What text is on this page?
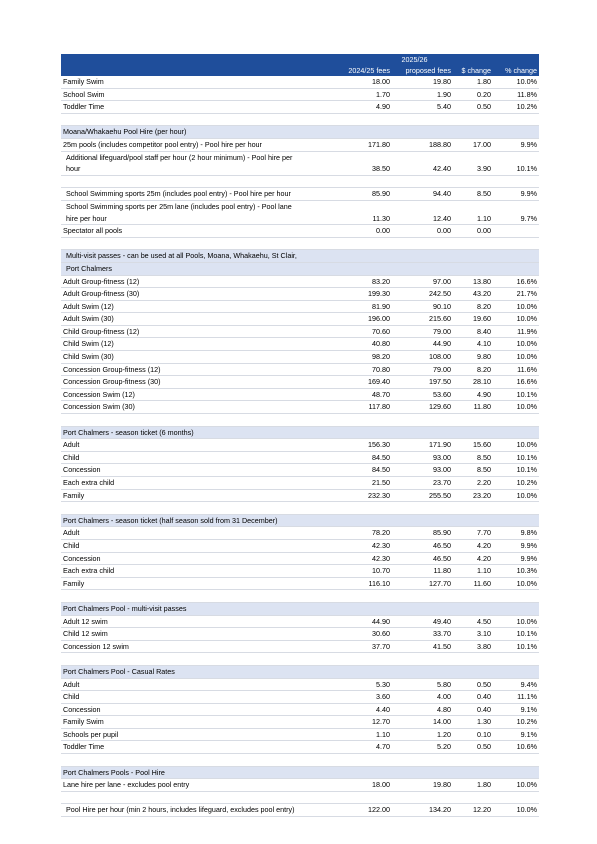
	2025/26			
	2024/25 fees	proposed fees	$ change	% change
Family Swim	18.00	19.80	1.80	10.0%
School Swim	1.70	1.90	0.20	11.8%
Toddler Time	4.90	5.40	0.50	10.2%

Moana/Whakaehu Pool Hire (per hour)				
25m pools (includes competitor pool entry) - Pool hire per hour	171.80	188.80	17.00	9.9%
Additional lifeguard/pool staff per hour (2 hour minimum) - Pool hire per				
hour	38.50	42.40	3.90	10.1%

School Swimming sports 25m (includes pool entry) - Pool hire per hour	85.90	94.40	8.50	9.9%
School Swimming sports per 25m lane (includes pool entry) - Pool lane				
hire per hour	11.30	12.40	1.10	9.7%
Spectator all pools	0.00	0.00	0.00	

Multi-visit passes - can be used at all Pools, Moana, Whakaehu, St Clair,				
Port Chalmers				
Adult Group-fitness (12)	83.20	97.00	13.80	16.6%
Adult Group-fitness (30)	199.30	242.50	43.20	21.7%
Adult Swim (12)	81.90	90.10	8.20	10.0%
Adult Swim (30)	196.00	215.60	19.60	10.0%
Child Group-fitness (12)	70.60	79.00	8.40	11.9%
Child Swim (12)	40.80	44.90	4.10	10.0%
Child Swim (30)	98.20	108.00	9.80	10.0%
Concession Group-fitness (12)	70.80	79.00	8.20	11.6%
Concession Group-fitness (30)	169.40	197.50	28.10	16.6%
Concession Swim (12)	48.70	53.60	4.90	10.1%
Concession Swim (30)	117.80	129.60	11.80	10.0%

Port Chalmers - season ticket (6 months)				
Adult	156.30	171.90	15.60	10.0%
Child	84.50	93.00	8.50	10.1%
Concession	84.50	93.00	8.50	10.1%
Each extra child	21.50	23.70	2.20	10.2%
Family	232.30	255.50	23.20	10.0%

Port Chalmers - season ticket (half season sold from 31 December)				
Adult	78.20	85.90	7.70	9.8%
Child	42.30	46.50	4.20	9.9%
Concession	42.30	46.50	4.20	9.9%
Each extra child	10.70	11.80	1.10	10.3%
Family	116.10	127.70	11.60	10.0%

Port Chalmers Pool - multi-visit passes				
Adult 12 swim	44.90	49.40	4.50	10.0%
Child 12 swim	30.60	33.70	3.10	10.1%
Concession 12 swim	37.70	41.50	3.80	10.1%

Port Chalmers Pool - Casual Rates				
Adult	5.30	5.80	0.50	9.4%
Child	3.60	4.00	0.40	11.1%
Concession	4.40	4.80	0.40	9.1%
Family Swim	12.70	14.00	1.30	10.2%
Schools per pupil	1.10	1.20	0.10	9.1%
Toddler Time	4.70	5.20	0.50	10.6%

Port Chalmers Pools - Pool Hire				
Lane hire per lane - excludes pool entry	18.00	19.80	1.80	10.0%

Pool Hire per hour (min 2 hours, includes lifeguard, excludes pool entry)	122.00	134.20	12.20	10.0%
